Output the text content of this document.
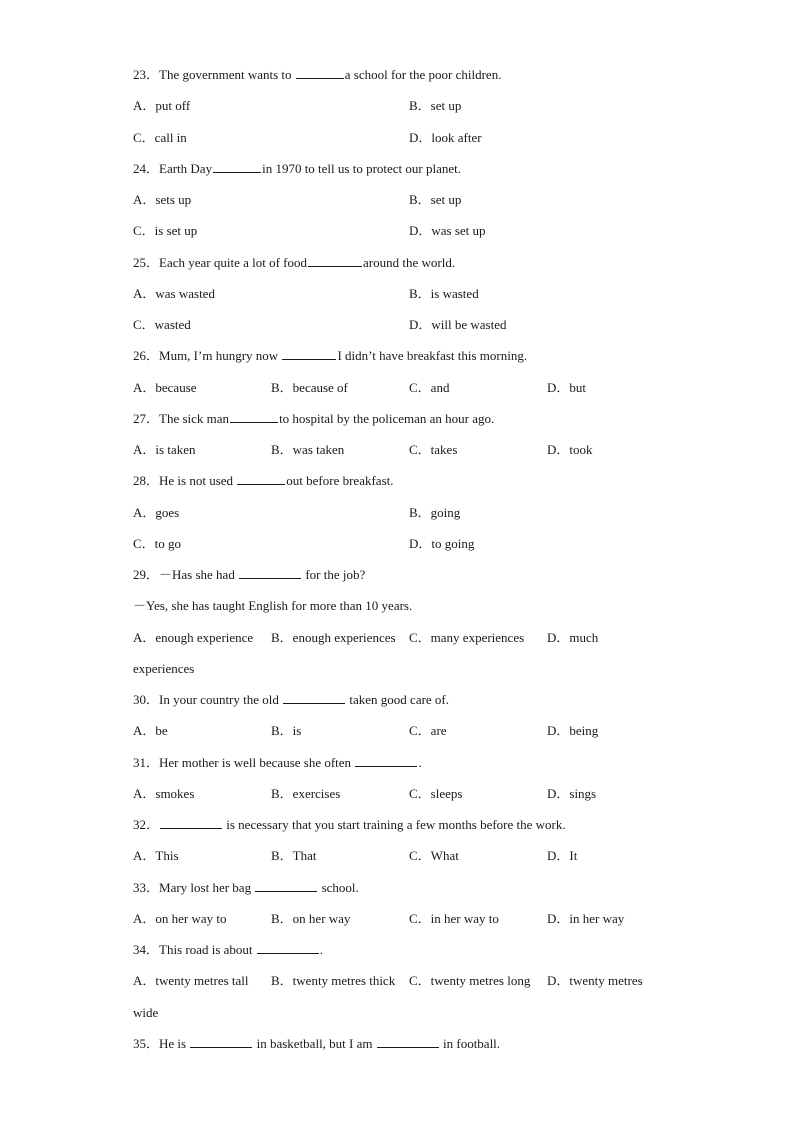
23．The government wants to	a school for the poor children.
A．put off	B．set up
C．call in	D．look after
24．Earth Day	in 1970 to tell us to protect our planet.
A．sets up	B．set up
C．is set up	D．was set up
25．Each year quite a lot of food	around the world.
A．was wasted	B．is wasted
C．wasted	D．will be wasted
26．Mum, I’m hungry now	I didn’t have breakfast this morning.
A．because	B．because of	C．and	D．but
27．The sick man	to hospital by the policeman an hour ago.
A．is taken	B．was taken	C．takes	D．took
28．He is not used	out before breakfast.
A．goes	B．going
C．to go	D．to going
29．－Has she had	for the job?
－Yes, she has taught English for more than 10 years.
A．enough experience B．enough experiences C．many experiences D．much
experiences
30．In your country the old	taken good care of.
A．be	B．is	C．are	D．being
31．Her mother is well because she often	.
A．smokes	B．exercises	C．sleeps	D．sings
32．	is necessary that you start training a few months before the work.
A．This	B．That	C．What	D．It
33．Mary lost her bag	school.
A．on her way to	B．on her way	C．in her way to	D．in her way
34．This road is about	.
A．twenty metres tall B．twenty metres thick C．twenty metres long D．twenty metres
wide
35．He is	in basketball, but I am	in football.
